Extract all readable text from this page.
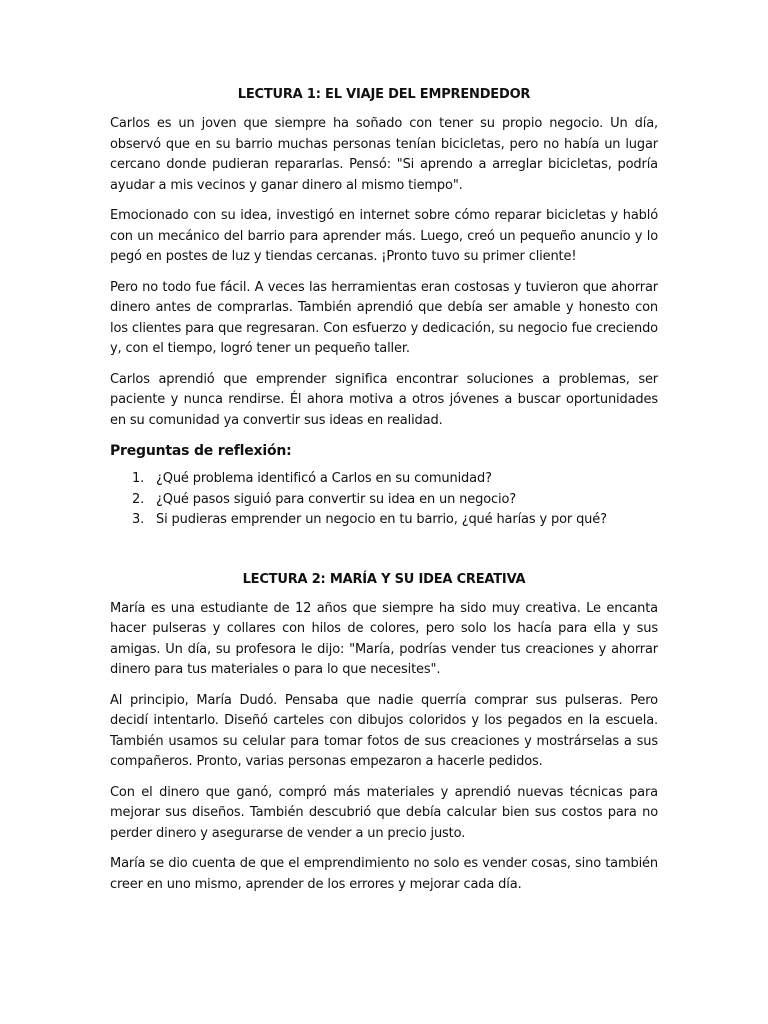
LECTURA 1: EL VIAJE DEL EMPRENDEDOR

Carlos es un joven que siempre ha soñado con tener su propio negocio. Un día, observó que en su barrio muchas personas tenían bicicletas, pero no había un lugar cercano donde pudieran repararlas. Pensó: "Si aprendo a arreglar bicicletas, podría ayudar a mis vecinos y ganar dinero al mismo tiempo".

Emocionado con su idea, investigó en internet sobre cómo reparar bicicletas y habló con un mecánico del barrio para aprender más. Luego, creó un pequeño anuncio y lo pegó en postes de luz y tiendas cercanas. ¡Pronto tuvo su primer cliente!

Pero no todo fue fácil. A veces las herramientas eran costosas y tuvieron que ahorrar dinero antes de comprarlas. También aprendió que debía ser amable y honesto con los clientes para que regresaran. Con esfuerzo y dedicación, su negocio fue creciendo y, con el tiempo, logró tener un pequeño taller.

Carlos aprendió que emprender significa encontrar soluciones a problemas, ser paciente y nunca rendirse. Él ahora motiva a otros jóvenes a buscar oportunidades en su comunidad ya convertir sus ideas en realidad.

Preguntas de reflexión:
1. ¿Qué problema identificó a Carlos en su comunidad?
2. ¿Qué pasos siguió para convertir su idea en un negocio?
3. Si pudieras emprender un negocio en tu barrio, ¿qué harías y por qué?
LECTURA 2: MARÍA Y SU IDEA CREATIVA

María es una estudiante de 12 años que siempre ha sido muy creativa. Le encanta hacer pulseras y collares con hilos de colores, pero solo los hacía para ella y sus amigas. Un día, su profesora le dijo: "María, podrías vender tus creaciones y ahorrar dinero para tus materiales o para lo que necesites".

Al principio, María Dudó. Pensaba que nadie querría comprar sus pulseras. Pero decidí intentarlo. Diseñó carteles con dibujos coloridos y los pegados en la escuela. También usamos su celular para tomar fotos de sus creaciones y mostrárselas a sus compañeros. Pronto, varias personas empezaron a hacerle pedidos.

Con el dinero que ganó, compró más materiales y aprendió nuevas técnicas para mejorar sus diseños. También descubrió que debía calcular bien sus costos para no perder dinero y asegurarse de vender a un precio justo.

María se dio cuenta de que el emprendimiento no solo es vender cosas, sino también creer en uno mismo, aprender de los errores y mejorar cada día.
